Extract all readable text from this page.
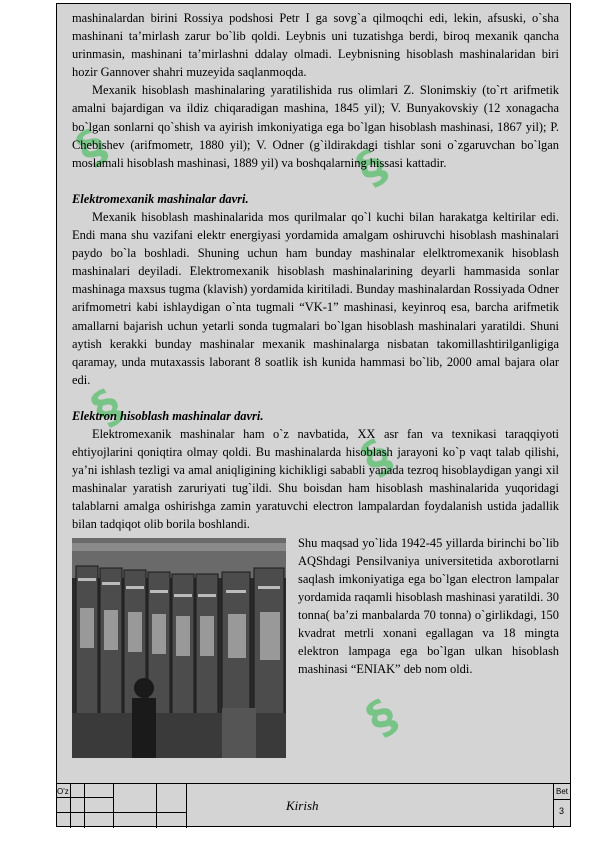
§	§
§
§
§

mashinalardan birini Rossiya podshosi Petr I ga sovg`a qilmoqchi edi, lekin, afsuski, o`sha mashinani ta’mirlash zarur bo`lib qoldi. Leybnis uni tuzatishga berdi, biroq mexanik qancha urinmasin, mashinani ta’mirlashni ddalay olmadi. Leybnisning hisoblash mashinalaridan biri hozir Gannover shahri muzeyida saqlanmoqda.

Mexanik hisoblash mashinalaring yaratilishida rus olimlari Z. Slonimskiy (to`rt arifmetik amalni bajardigan va ildiz chiqaradigan mashina, 1845 yil); V. Bunyakovskiy (12 xonagacha bo`lgan sonlarni qo`shish va ayirish imkoniyatiga ega bo`lgan hisoblash mashinasi, 1867 yil); P. Chebishev (arifmometr, 1880 yil); V. Odner (g`ildirakdagi tishlar soni o`zgaruvchan bo`lgan moslamali hisoblash mashinasi, 1889 yil) va boshqalarning hissasi kattadir.

Elektromexanik mashinalar davri.

Mexanik hisoblash mashinalarida mos qurilmalar qo`l kuchi bilan harakatga keltirilar edi. Endi mana shu vazifani elektr energiyasi yordamida amalgam oshiruvchi hisoblash mashinalari paydo bo`la boshladi. Shuning uchun ham bunday mashinalar elelktromexanik hisoblash mashinalari deyiladi. Elektromexanik hisoblash mashinalarining deyarli hammasida sonlar mashinaga maxsus tugma (klavish) yordamida kiritiladi. Bunday mashinalardan Rossiyada Odner arifmometri kabi ishlaydigan o`nta tugmali “VK-1” mashinasi, keyinroq esa, barcha arifmetik amallarni bajarish uchun yetarli sonda tugmalari bo`lgan hisoblash mashinalari yaratildi. Shuni aytish kerakki bunday mashinalar mexanik mashinalarga nisbatan takomillashtirilganligiga qaramay, unda mutaxassis laborant 8 soatlik ish kunida hammasi bo`lib, 2000 amal bajara olar edi.

Elektron hisoblash mashinalar davri.

Elektromexanik mashinalar ham o`z navbatida, XX asr fan va texnikasi taraqqiyoti ehtiyojlarini qoniqtira olmay qoldi. Bu mashinalarda hisoblash jarayoni ko`p vaqt talab qilishi, ya’ni ishlash tezligi va amal aniqligining kichikligi sababli yanada tezroq hisoblaydigan yangi xil mashinalar yaratish zaruriyati tug`ildi. Shu boisdan ham hisoblash mashinalarida yuqoridagi talablarni amalga oshirishga zamin yaratuvchi electron lampalardan foydalanish ustida jadallik bilan tadqiqot olib borila boshlandi.

Shu maqsad yo`lida 1942-45 yillarda birinchi bo`lib AQShdagi Pensilvaniya universitetida axborotlarni saqlash imkoniyatiga ega bo`lgan electron lampalar yordamida raqamli hisoblash mashinasi yaratildi. 30 tonna( ba’zi manbalarda 70 tonna) o`girlikdagi, 150 kvadrat metrli xonani egallagan va 18 mingta elektron lampaga ega bo`lgan ulkan hisoblash mashinasi “ENIAK” deb nom oldi.

O'z
Kirish
Bet
3
